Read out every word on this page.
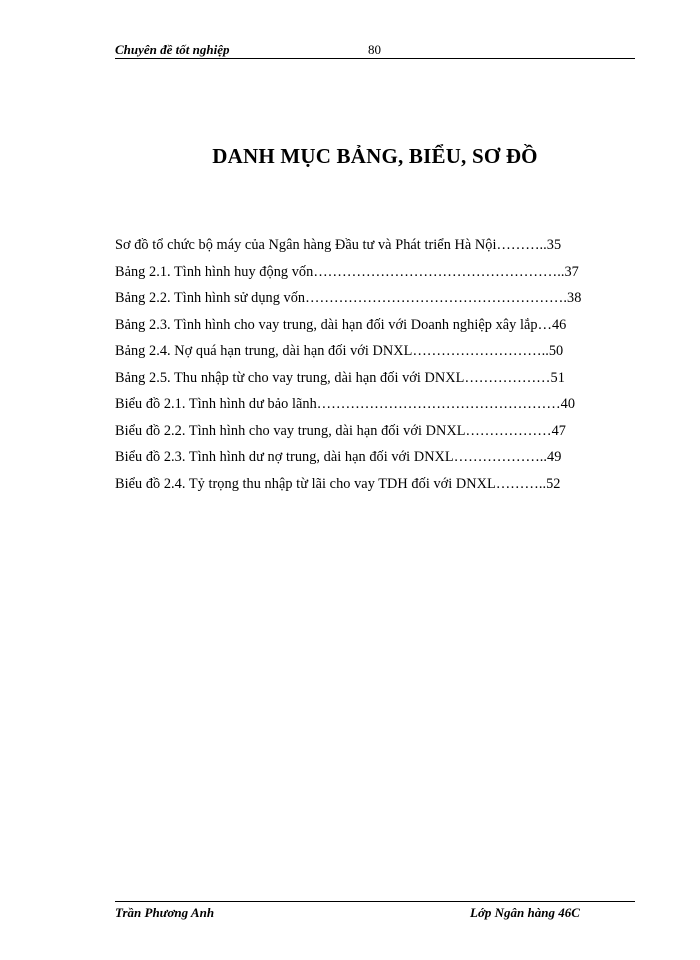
Chuyên đề tốt nghiệp	80
DANH MỤC BẢNG, BIỂU, SƠ ĐỒ
Sơ đồ tổ chức bộ máy của Ngân hàng Đầu tư và Phát triển Hà Nội………..35
Bảng 2.1. Tình hình huy động vốn……………………………………………..37
Bảng 2.2. Tình hình sử dụng vốn……………………………………………….38
Bảng 2.3. Tình hình cho vay trung, dài hạn đối với Doanh nghiệp xây lắp…46
Bảng 2.4. Nợ quá hạn trung, dài hạn đối với DNXL………………………..50
Bảng 2.5. Thu nhập từ cho vay trung, dài hạn đối với DNXL………………51
Biểu đồ 2.1. Tình hình dư bảo lãnh……………………………………………40
Biểu đồ 2.2. Tình hình cho vay trung, dài hạn đối với DNXL………………47
Biểu đồ 2.3. Tình hình dư nợ trung, dài hạn đối với DNXL………………..49
Biểu đồ 2.4. Tỷ trọng thu nhập từ lãi cho vay TDH đối với DNXL………..52
Trần Phương Anh	Lớp Ngân hàng 46C
